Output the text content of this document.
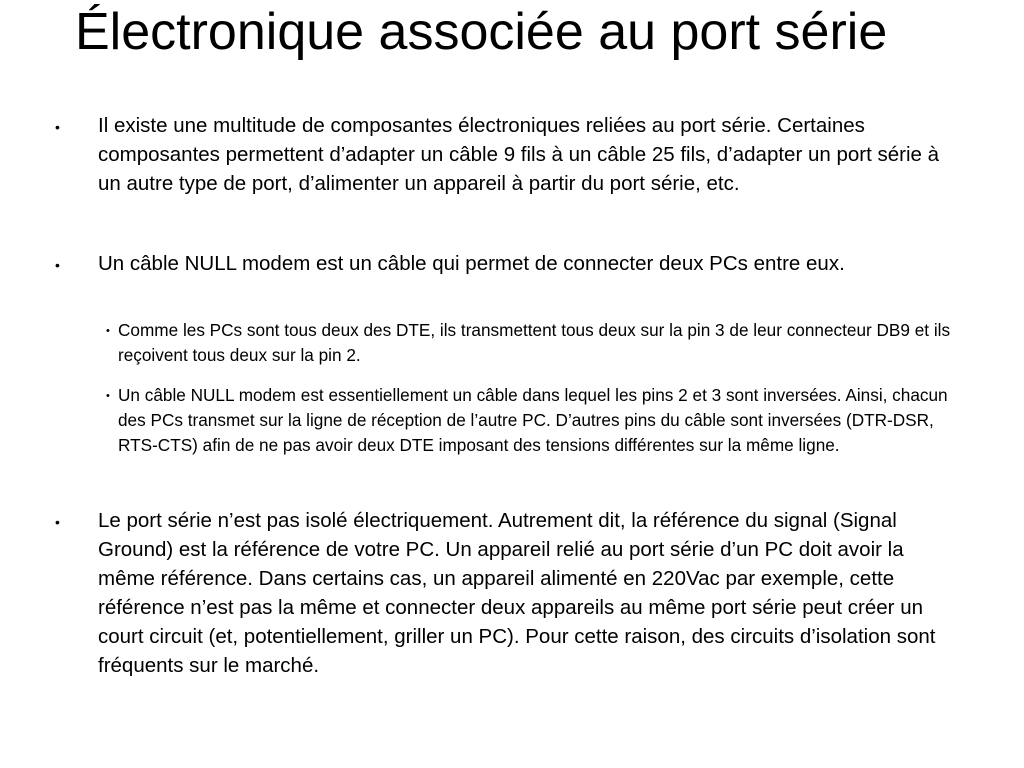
Électronique associée au port série
• Il existe une multitude de composantes électroniques reliées au port série. Certaines composantes permettent d’adapter un câble 9 fils à un câble 25 fils, d’adapter un port série à un autre type de port, d’alimenter un appareil à partir du port série, etc.
• Un câble NULL modem est un câble qui permet de connecter deux PCs entre eux.
• Comme les PCs sont tous deux des DTE, ils transmettent tous deux sur la pin 3 de leur connecteur DB9 et ils reçoivent tous deux sur la pin 2.
• Un câble NULL modem est essentiellement un câble dans lequel les pins 2 et 3 sont inversées. Ainsi, chacun des PCs transmet sur la ligne de réception de l’autre PC. D’autres pins du câble sont inversées (DTR-DSR, RTS-CTS) afin de ne pas avoir deux DTE imposant des tensions différentes sur la même ligne.
• Le port série n’est pas isolé électriquement. Autrement dit, la référence du signal (Signal Ground) est la référence de votre PC. Un appareil relié au port série d’un PC doit avoir la même référence. Dans certains cas, un appareil alimenté en 220Vac par exemple, cette référence n’est pas la même et connecter deux appareils au même port série peut créer un court circuit (et, potentiellement, griller un PC). Pour cette raison, des circuits d’isolation sont fréquents sur le marché.
